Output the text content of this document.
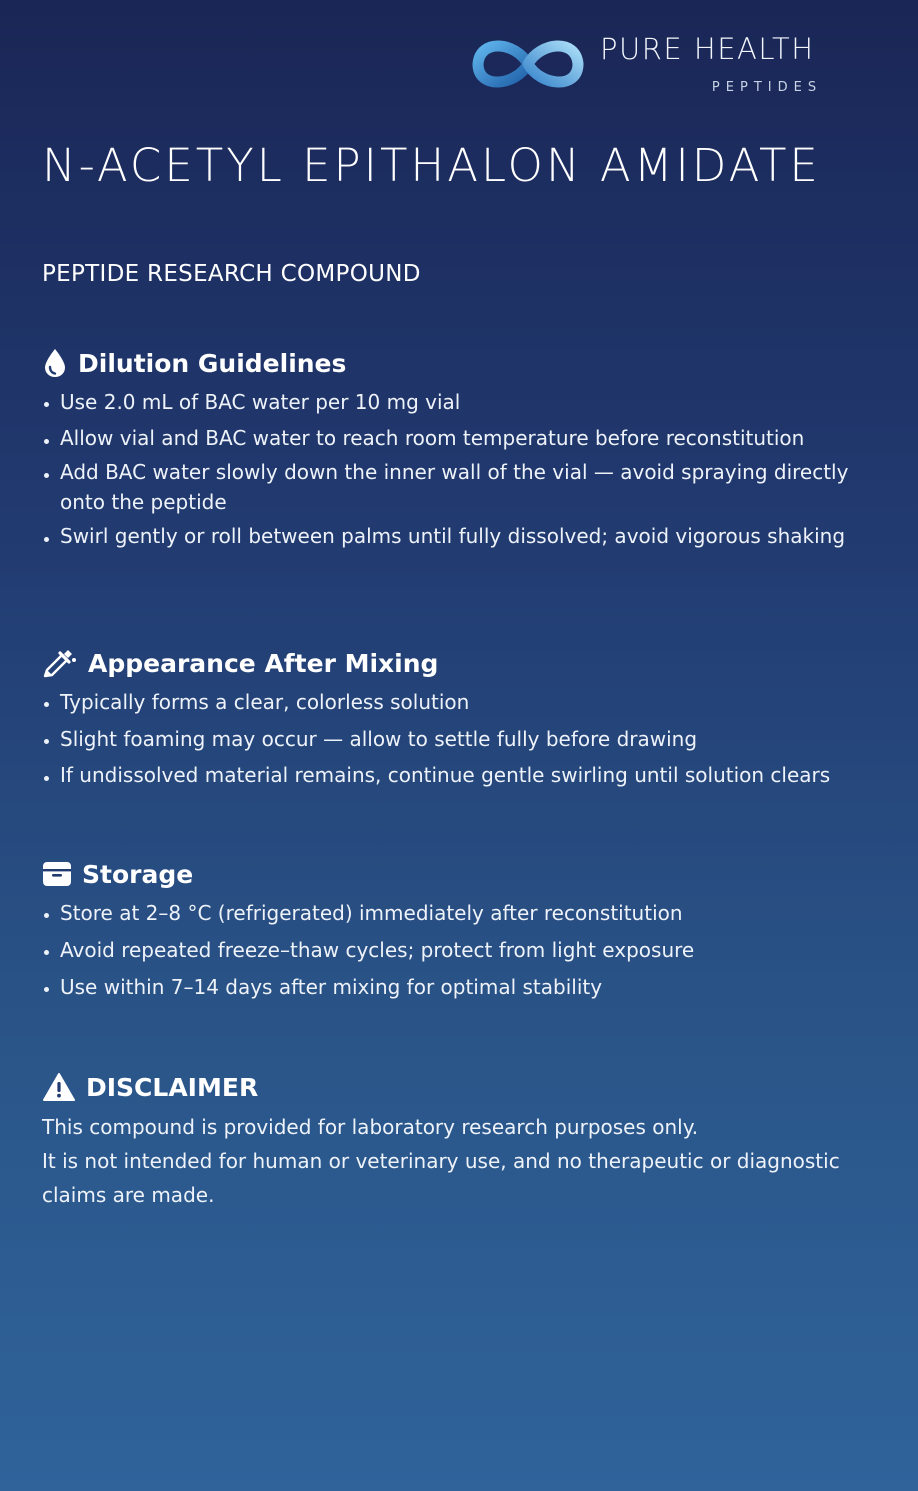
PURE HEALTH
PEPTIDES
N-ACETYL EPITHALON AMIDATE

PEPTIDE RESEARCH COMPOUND

Dilution Guidelines
Use 2.0 mL of BAC water per 10 mg vial
Allow vial and BAC water to reach room temperature before reconstitution
Add BAC water slowly down the inner wall of the vial — avoid spraying directly onto the peptide
Swirl gently or roll between palms until fully dissolved; avoid vigorous shaking
Appearance After Mixing
Typically forms a clear, colorless solution
Slight foaming may occur — allow to settle fully before drawing
If undissolved material remains, continue gentle swirling until solution clears
Storage
Store at 2–8 °C (refrigerated) immediately after reconstitution
Avoid repeated freeze–thaw cycles; protect from light exposure
Use within 7–14 days after mixing for optimal stability
DISCLAIMER

This compound is provided for laboratory research purposes only.

It is not intended for human or veterinary use, and no therapeutic or diagnostic claims are made.
